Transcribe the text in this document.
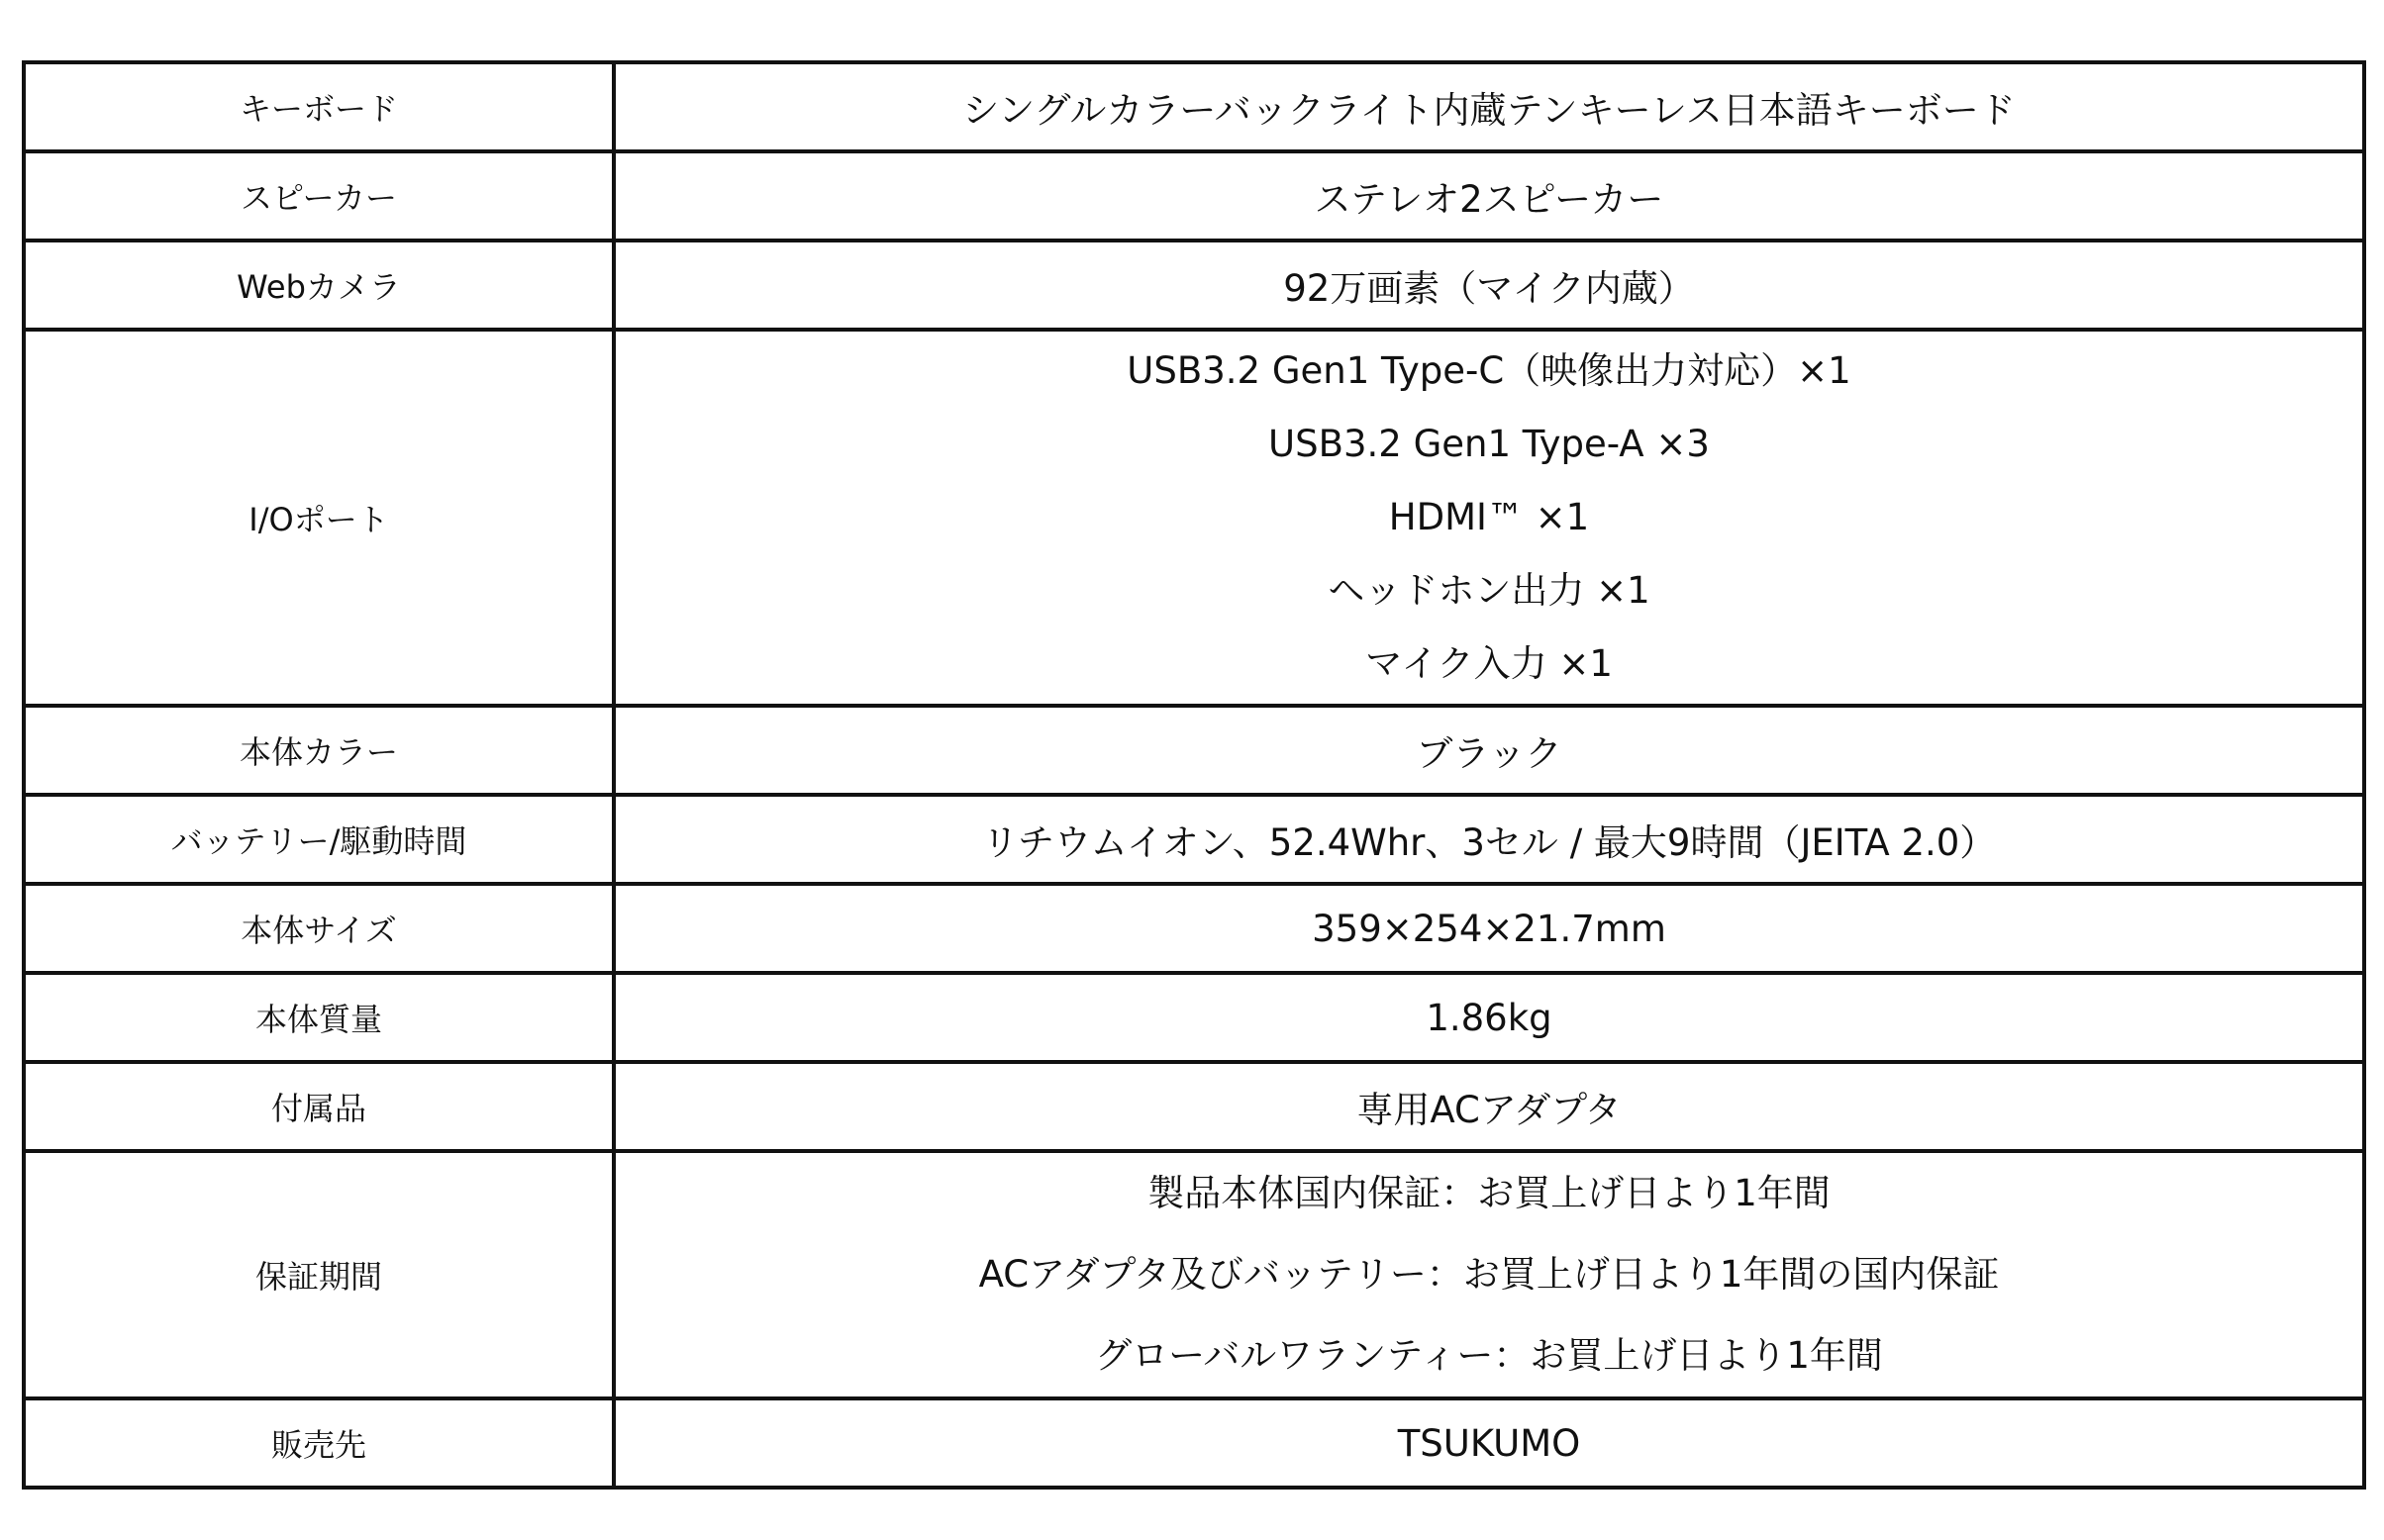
キーボード	シングルカラーバックライト内蔵テンキーレス日本語キーボード
スピーカー	ステレオ2スピーカー
Webカメラ	92万画素（マイク内蔵）
I/Oポート	USB3.2 Gen1 Type-C（映像出力対応）×1
USB3.2 Gen1 Type-A ×3
HDMI™ ×1
ヘッドホン出力 ×1
マイク入力 ×1

本体カラー	ブラック
バッテリー/駆動時間	リチウムイオン、52.4Whr、3セル / 最大9時間（JEITA 2.0）
本体サイズ	359×254×21.7mm
本体質量	1.86kg
付属品	専用ACアダプタ
保証期間	製品本体国内保証：お買上げ日より1年間
ACアダプタ及びバッテリー：お買上げ日より1年間の国内保証
グローバルワランティー：お買上げ日より1年間

販売先	TSUKUMO
